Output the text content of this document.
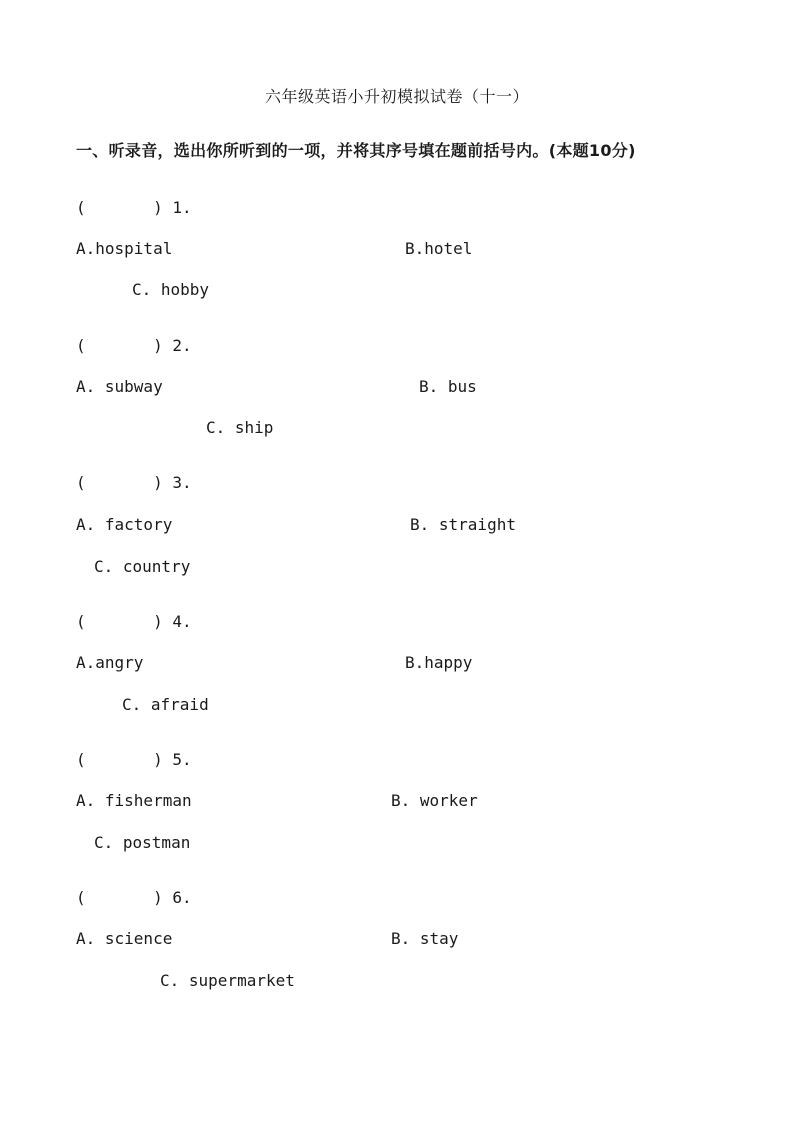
六年级英语小升初模拟试卷（十一）
一、听录音，选出你所听到的一项，并将其序号填在题前括号内。(本题10分)
(       ) 1.
A.hospital	B.hotel
C. hobby
(       ) 2.
A. subway	B. bus
C. ship
(       ) 3.
A. factory	B. straight
C. country
(       ) 4.
A.angry	B.happy
C. afraid
(       ) 5.
A. fisherman	B. worker
C. postman
(       ) 6.
A. science	B. stay
C. supermarket
